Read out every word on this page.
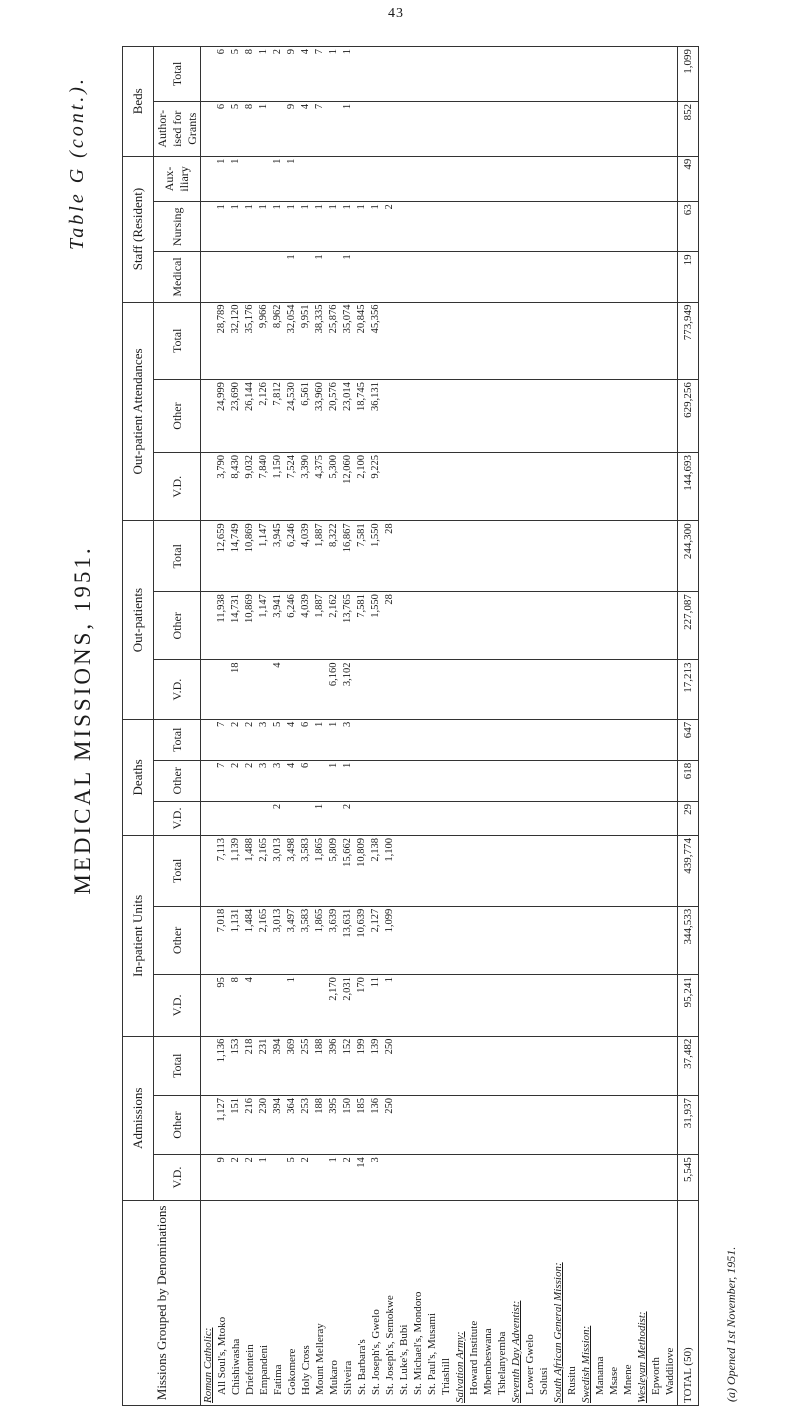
43
MEDICAL MISSIONS, 1951.
Table G (cont.).
Missions Grouped by Denominations	Admissions			In-patient Units			Deaths			Out-patients			Out-patient Attendances			Staff (Resident)			Beds	
	V.D.	Other	Total	V.D.	Other	Total	V.D.	Other	Total	V.D.	Other	Total	V.D.	Other	Total	Medical	Nursing	Aux-iliary	Author-ised for Grants	Total
Roman Catholic:																				
All Soul's, Mtoko	9	1,127	1,136	95	7,018	7,113		7	7		11,938	12,659	3,790	24,999	28,789		1	1	6	6
Chishiwasha	2	151	153	8	1,131	1,139		2	2	18	14,731	14,749	8,430	23,690	32,120		1	1	5	5
Driefontein	2	216	218	4	1,484	1,488		2	2		10,869	10,869	9,032	26,144	35,176		1		8	8
Empandeni	1	230	231		2,165	2,165		3	3		1,147	1,147	7,840	2,126	9,966		1		1	1
Fatima		394	394		3,013	3,013	2	3	5	4	3,941	3,945	1,150	7,812	8,962		1	1		2
Gokomere	5	364	369	1	3,497	3,498		4	4		6,246	6,246	7,524	24,530	32,054	1	1	1	9	9
Holy Cross	2	253	255		3,583	3,583		6	6		4,039	4,039	3,390	6,561	9,951		1		4	4
Mount Melleray		188	188		1,865	1,865	1		1		1,887	1,887	4,375	33,960	38,335	1	1		7	7
Mukaro	1	395	396	2,170	3,639	5,809		1	1	6,160	2,162	8,322	5,300	20,576	25,876		1			1
Silveira	2	150	152	2,031	13,631	15,662	2	1	3	3,102	13,765	16,867	12,060	23,014	35,074	1	1		1	1
St. Barbara's	14	185	199	170	10,639	10,809					7,581	7,581	2,100	18,745	20,845		1			
St. Joseph's, Gwelo	3	136	139	11	2,127	2,138					1,550	1,550	9,225	36,131	45,356		1			
St. Joseph's, Semokwe		250	250	1	1,099	1,100					28	28					2			
St. Luke's, Bubi																				
St. Michael's, Mondoro																				
St. Paul's, Musami																				
Triashill																				
Salvation Army:																				
Howard Institute																				
Mbembeswana																				
Tshelanyemba																				
Seventh Day Adventist:																				
Lower Gwelo																				
Solusi																				
South African General Mission:																				
Rusitu																				
Swedish Mission:																				
Manama																				
Msase																				
Mnene																				
Wesleyan Methodist:																				
Epworth																				
Waddilove																				
TOTAL (50)	5,545	31,937	37,482	95,241	344,533	439,774	29	618	647	17,213	227,087	244,300	144,693	629,256	773,949	19	63	49	852	1,099
(a) Opened 1st November, 1951.
